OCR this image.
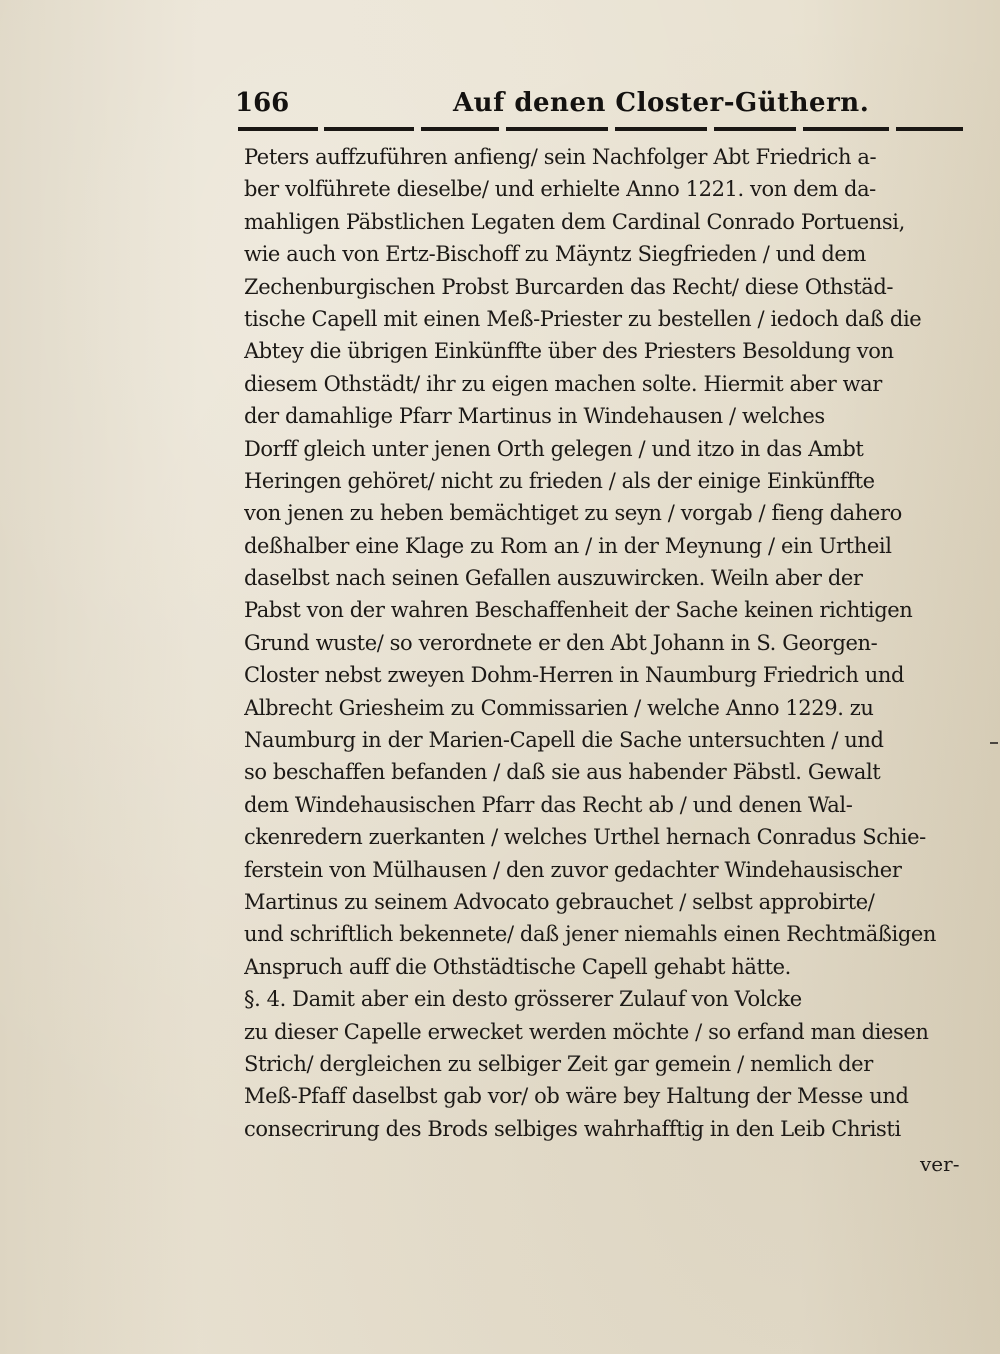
166	Auf denen Closter-Güthern.
Peters auffzuführen anfieng/ sein Nachfolger Abt Friedrich a-
ber volführete dieselbe/ und erhielte Anno 1221. von dem da-
mahligen Päbstlichen Legaten dem Cardinal Conrado Portuensi,
wie auch von Ertz-Bischoff zu Mäyntz Siegfrieden / und dem
Zechenburgischen Probst Burcarden das Recht/ diese Othstäd-
tische Capell mit einen Meß-Priester zu bestellen / iedoch daß die
Abtey die übrigen Einkünffte über des Priesters Besoldung von
diesem Othstädt/ ihr zu eigen machen solte. Hiermit aber war
der damahlige Pfarr Martinus in Windehausen / welches
Dorff gleich unter jenen Orth gelegen / und itzo in das Ambt
Heringen gehöret/ nicht zu frieden / als der einige Einkünffte
von jenen zu heben bemächtiget zu seyn / vorgab / fieng dahero
deßhalber eine Klage zu Rom an / in der Meynung / ein Urtheil
daselbst nach seinen Gefallen auszuwircken. Weiln aber der
Pabst von der wahren Beschaffenheit der Sache keinen richtigen
Grund wuste/ so verordnete er den Abt Johann in S. Georgen-
Closter nebst zweyen Dohm-Herren in Naumburg Friedrich und
Albrecht Griesheim zu Commissarien / welche Anno 1229. zu
Naumburg in der Marien-Capell die Sache untersuchten / und
so beschaffen befanden / daß sie aus habender Päbstl. Gewalt
dem Windehausischen Pfarr das Recht ab / und denen Wal-
ckenredern zuerkanten / welches Urthel hernach Conradus Schie-
ferstein von Mülhausen / den zuvor gedachter Windehausischer
Martinus zu seinem Advocato gebrauchet / selbst approbirte/
und schriftlich bekennete/ daß jener niemahls einen Rechtmäßigen
Anspruch auff die Othstädtische Capell gehabt hätte.
§. 4. Damit aber ein desto grösserer Zulauf von Volcke
zu dieser Capelle erwecket werden möchte / so erfand man diesen
Strich/ dergleichen zu selbiger Zeit gar gemein / nemlich der
Meß-Pfaff daselbst gab vor/ ob wäre bey Haltung der Messe und
consecrirung des Brods selbiges wahrhafftig in den Leib Christi
ver-
